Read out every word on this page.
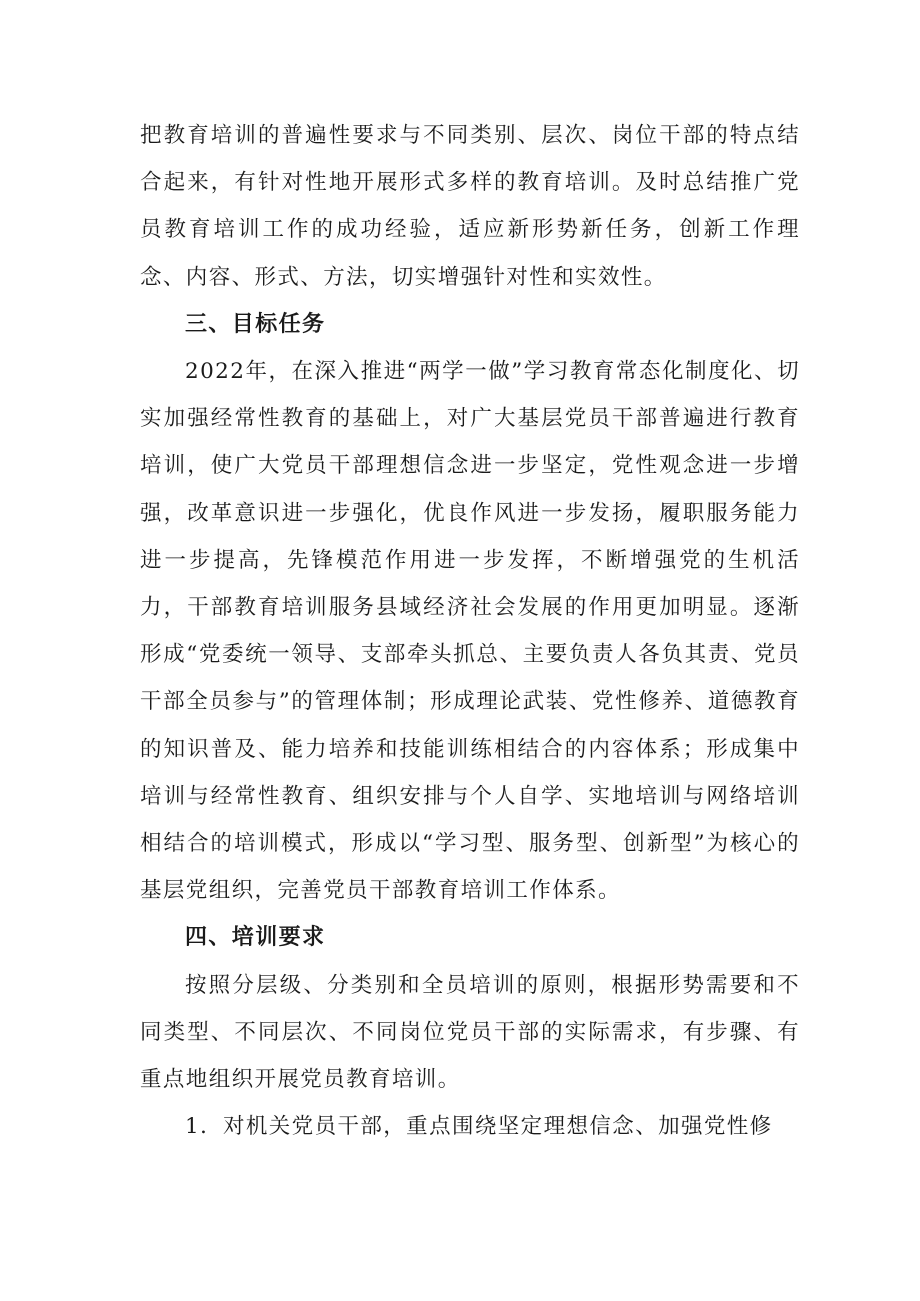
把教育培训的普遍性要求与不同类别、层次、岗位干部的特点结合起来，有针对性地开展形式多样的教育培训。及时总结推广党员教育培训工作的成功经验，适应新形势新任务，创新工作理念、内容、形式、方法，切实增强针对性和实效性。

三、目标任务

2022年，在深入推进“两学一做”学习教育常态化制度化、切实加强经常性教育的基础上，对广大基层党员干部普遍进行教育培训，使广大党员干部理想信念进一步坚定，党性观念进一步增强，改革意识进一步强化，优良作风进一步发扬，履职服务能力进一步提高，先锋模范作用进一步发挥，不断增强党的生机活力，干部教育培训服务县域经济社会发展的作用更加明显。逐渐形成“党委统一领导、支部牵头抓总、主要负责人各负其责、党员干部全员参与”的管理体制；形成理论武装、党性修养、道德教育的知识普及、能力培养和技能训练相结合的内容体系；形成集中培训与经常性教育、组织安排与个人自学、实地培训与网络培训相结合的培训模式，形成以“学习型、服务型、创新型”为核心的基层党组织，完善党员干部教育培训工作体系。

四、培训要求

按照分层级、分类别和全员培训的原则，根据形势需要和不同类型、不同层次、不同岗位党员干部的实际需求，有步骤、有重点地组织开展党员教育培训。

1．对机关党员干部，重点围绕坚定理想信念、加强党性修
